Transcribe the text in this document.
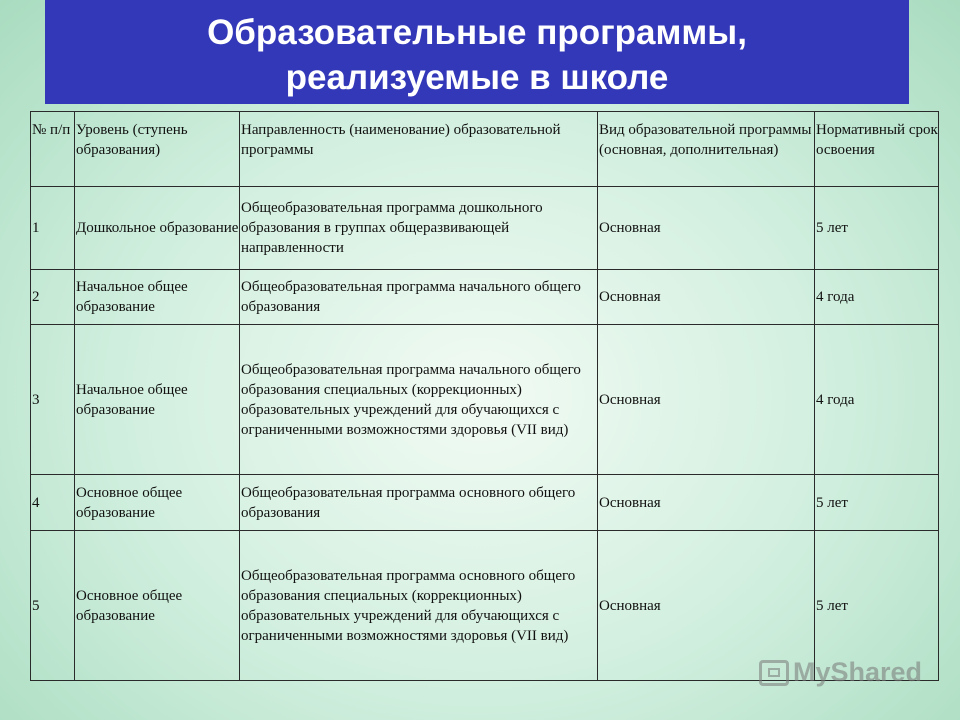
Образовательные программы,
реализуемые в школе
№ п/п	Уровень (ступень образования)	Направленность (наименование) образовательной программы	Вид образовательной программы (основная, дополнительная)	Нормативный срок освоения
1	Дошкольное образование	Общеобразовательная программа дошкольного образования в группах общеразвивающей направленности	Основная	5 лет
2	Начальное общее образование	Общеобразовательная программа начального общего образования	Основная	4 года
3	Начальное общее образование	Общеобразовательная программа начального общего образования специальных (коррекционных) образовательных учреждений для обучающихся с ограниченными возможностями здоровья (VII вид)	Основная	4 года
4	Основное общее образование	Общеобразовательная программа основного общего образования	Основная	5 лет
5	Основное общее образование	Общеобразовательная программа основного общего образования специальных (коррекционных) образовательных учреждений для обучающихся с ограниченными возможностями здоровья (VII вид)	Основная	5 лет
MyShared
